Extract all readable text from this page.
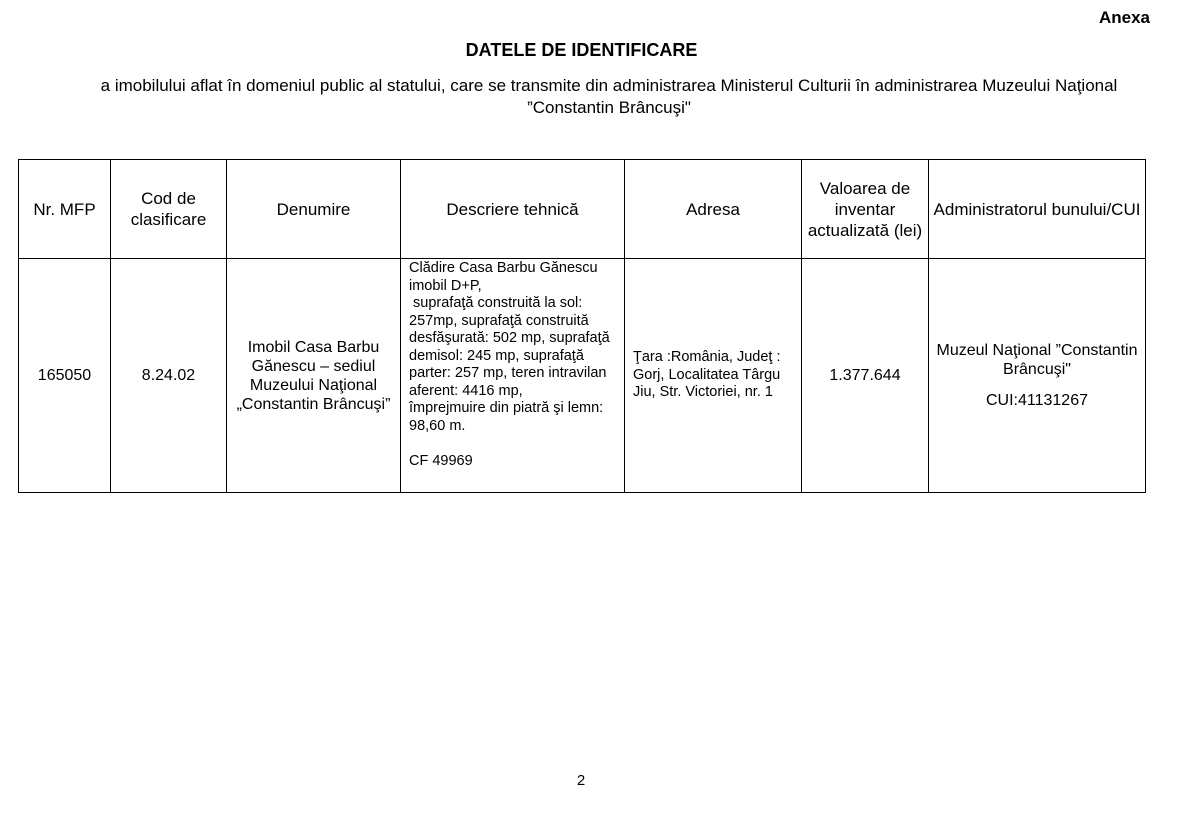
Anexa
DATELE DE IDENTIFICARE
a imobilului aflat în domeniul public al statului, care se transmite din administrarea Ministerul Culturii în administrarea Muzeului Naţional ”Constantin Brâncuşi"
Nr. MFP	Cod de clasificare	Denumire	Descriere tehnică	Adresa	Valoarea de inventar actualizată (lei)	Administratorul bunului/CUI
165050	8.24.02	Imobil Casa Barbu Gănescu – sediul Muzeului Naţional „Constantin Brâncuşi”	Clădire Casa Barbu Gănescu imobil D+P,
suprafaţă construită la sol: 257mp, suprafaţă construită desfăşurată: 502 mp, suprafaţă demisol: 245 mp, suprafaţă parter: 257 mp, teren intravilan aferent: 4416 mp,
împrejmuire din piatră şi lemn: 98,60 m.
CF 49969	Ţara :România, Judeţ : Gorj, Localitatea Târgu Jiu, Str. Victoriei, nr. 1	1.377.644	Muzeul Naţional ”Constantin Brâncuşi"
CUI:41131267
2
